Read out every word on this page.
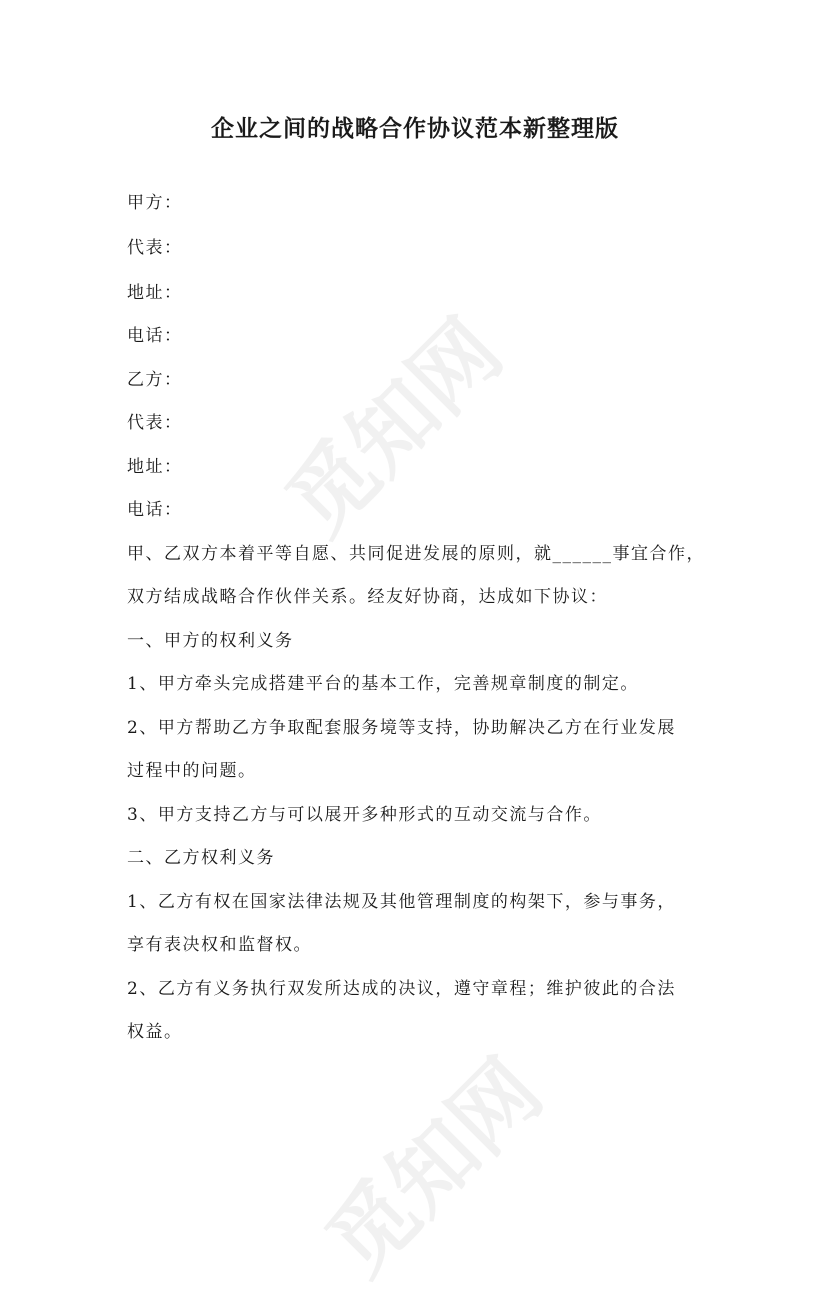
觅知网
觅知网
企业之间的战略合作协议范本新整理版
甲方：
代表：
地址：
电话：
乙方：
代表：
地址：
电话：
甲、乙双方本着平等自愿、共同促进发展的原则，就______事宜合作，
双方结成战略合作伙伴关系。经友好协商，达成如下协议：
一、甲方的权利义务
1、甲方牵头完成搭建平台的基本工作，完善规章制度的制定。
2、甲方帮助乙方争取配套服务境等支持，协助解决乙方在行业发展
过程中的问题。
3、甲方支持乙方与可以展开多种形式的互动交流与合作。
二、乙方权利义务
1、乙方有权在国家法律法规及其他管理制度的构架下，参与事务，
享有表决权和监督权。
2、乙方有义务执行双发所达成的决议，遵守章程；维护彼此的合法
权益。
